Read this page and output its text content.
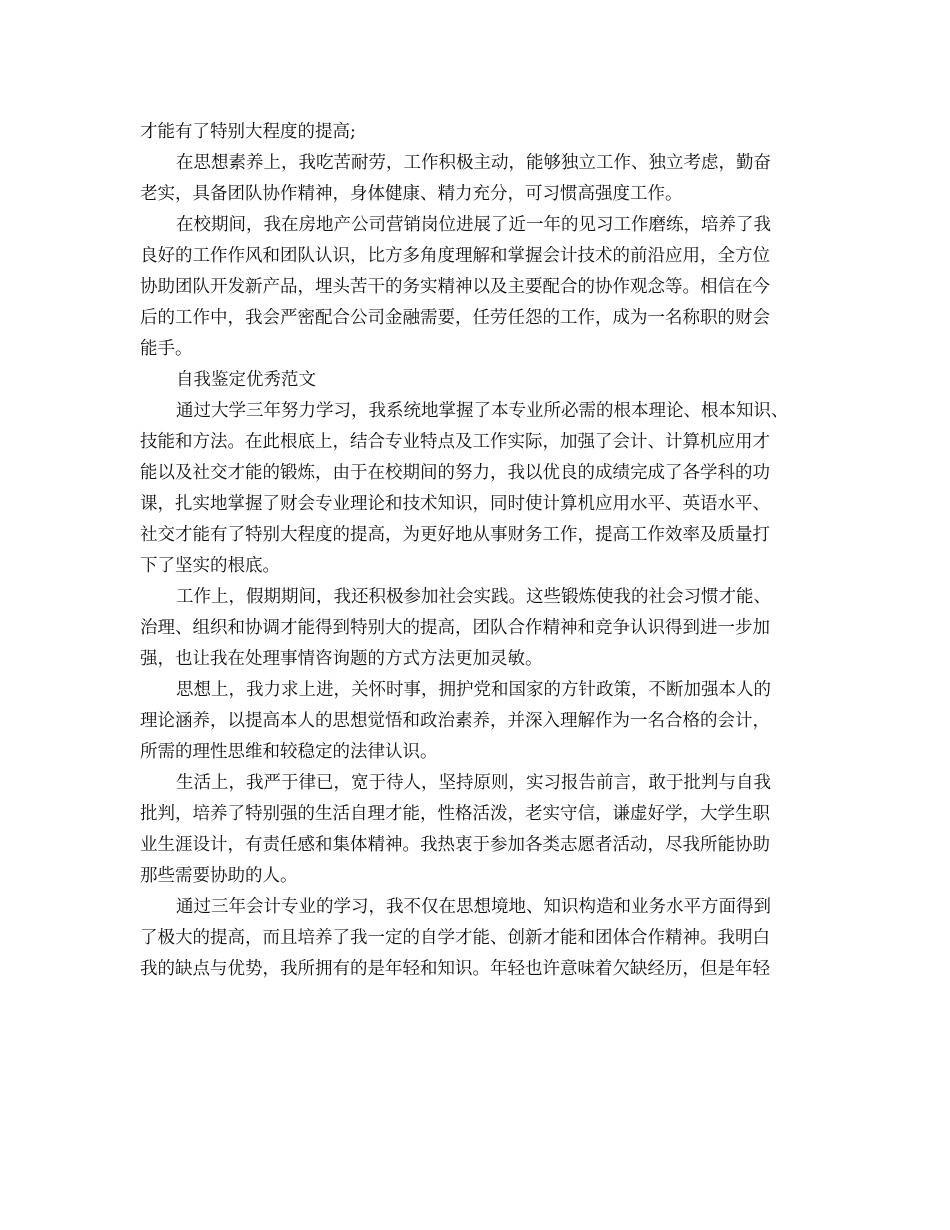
才能有了特别大程度的提高;
在思想素养上，我吃苦耐劳，工作积极主动，能够独立工作、独立考虑，勤奋
老实，具备团队协作精神，身体健康、精力充分，可习惯高强度工作。
在校期间，我在房地产公司营销岗位进展了近一年的见习工作磨练，培养了我
良好的工作作风和团队认识，比方多角度理解和掌握会计技术的前沿应用，全方位
协助团队开发新产品，埋头苦干的务实精神以及主要配合的协作观念等。相信在今
后的工作中，我会严密配合公司金融需要，任劳任怨的工作，成为一名称职的财会
能手。
自我鉴定优秀范文
通过大学三年努力学习，我系统地掌握了本专业所必需的根本理论、根本知识、
技能和方法。在此根底上，结合专业特点及工作实际，加强了会计、计算机应用才
能以及社交才能的锻炼，由于在校期间的努力，我以优良的成绩完成了各学科的功
课，扎实地掌握了财会专业理论和技术知识，同时使计算机应用水平、英语水平、
社交才能有了特别大程度的提高，为更好地从事财务工作，提高工作效率及质量打
下了坚实的根底。
工作上，假期期间，我还积极参加社会实践。这些锻炼使我的社会习惯才能、
治理、组织和协调才能得到特别大的提高，团队合作精神和竞争认识得到进一步加
强，也让我在处理事情咨询题的方式方法更加灵敏。
思想上，我力求上进，关怀时事，拥护党和国家的方针政策，不断加强本人的
理论涵养，以提高本人的思想觉悟和政治素养，并深入理解作为一名合格的会计，
所需的理性思维和较稳定的法律认识。
生活上，我严于律已，宽于待人，坚持原则，实习报告前言，敢于批判与自我
批判，培养了特别强的生活自理才能，性格活泼，老实守信，谦虚好学，大学生职
业生涯设计，有责任感和集体精神。我热衷于参加各类志愿者活动，尽我所能协助
那些需要协助的人。
通过三年会计专业的学习，我不仅在思想境地、知识构造和业务水平方面得到
了极大的提高，而且培养了我一定的自学才能、创新才能和团体合作精神。我明白
我的缺点与优势，我所拥有的是年轻和知识。年轻也许意味着欠缺经历，但是年轻
